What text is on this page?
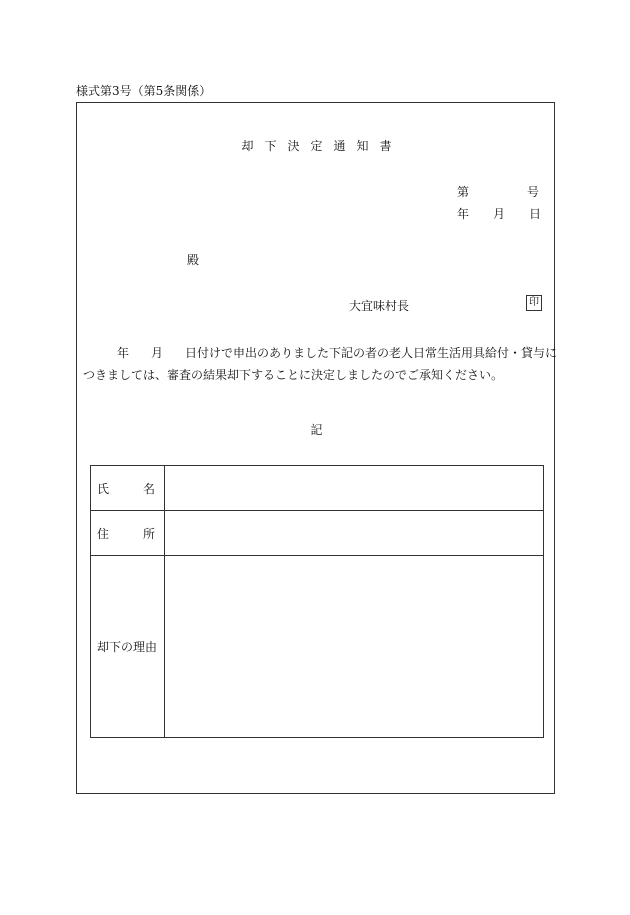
様式第3号（第5条関係）
却下決定通知書
第	号
年 月 日
殿
大宜味村長	印
年 月 日付けで申出のありました下記の者の老人日常生活用具給付・貸与に
つきましては、審査の結果却下することに決定しましたのでご承知ください。
記
氏 名	

住 所	

却下の理由	
